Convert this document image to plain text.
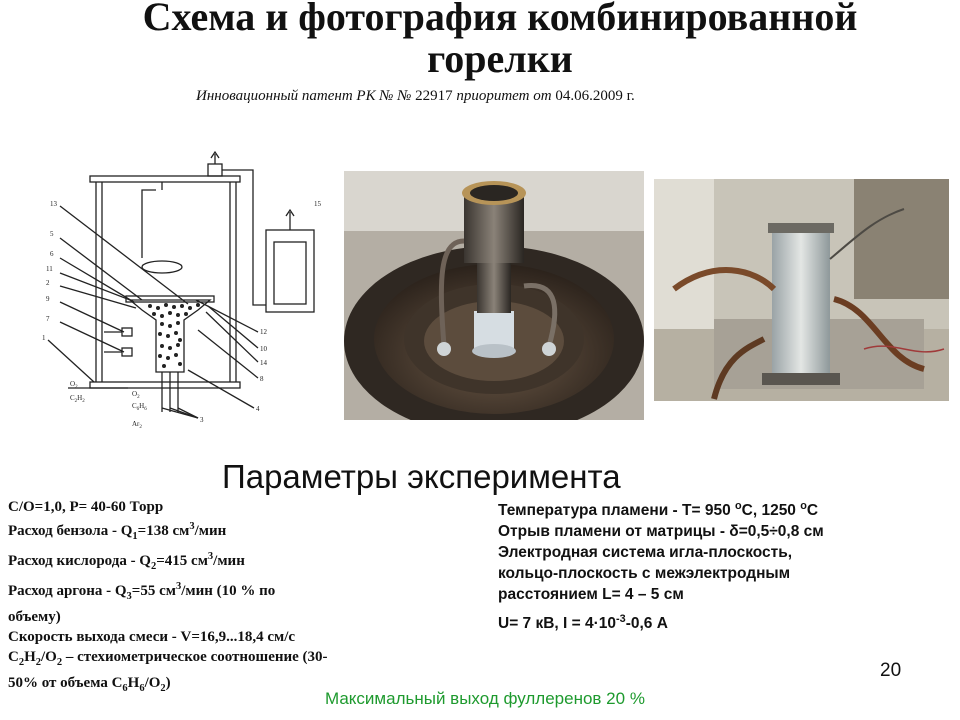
Схема и фотография комбинированной
горелки
Инновационный патент РК № № 22917 приоритет от 04.06.2009 г.
13
5
6
11
2
9
7
1
15
12
10
14
8
4
3
$O_2$
$C_2H_2$
$O_2$
$C_6H_6$
$Ar_2$
Параметры эксперимента
С/О=1,0, Р= 40-60 Торр
Расход бензола - $Q_1=138$ $см^3$/мин
Расход кислорода - $Q_2=415$ $см^3$/мин
Расход аргона - $Q_3=55$ $см^3$/мин (10 % по
объему)
Скорость выхода смеси - V=16,9...18,4 см/с
$С_2Н_2/О_2$ – стехиометрическое соотношение (30-
50% от объема $С_6Н_6/О_2$)
Температура пламени - Т= 950 $^о$С, 1250 $^о$С
Отрыв пламени от матрицы - δ=0,5÷0,8 см
Электродная система игла-плоскость,
кольцо-плоскость с межэлектродным
расстоянием L= 4 – 5 см
U= 7 кВ, $I = 4\cdot 10^{-3}-0,6$ А
20
Максимальный выход фуллеренов 20 %
